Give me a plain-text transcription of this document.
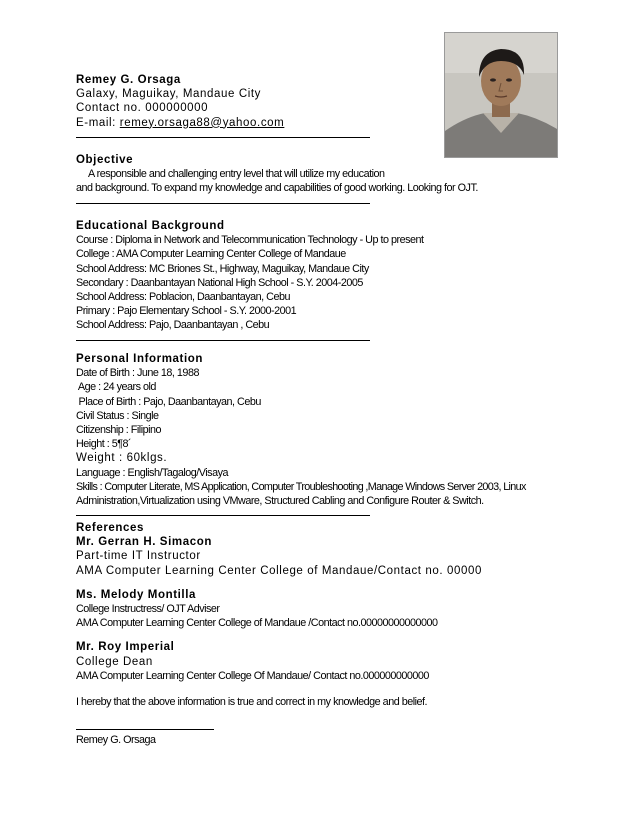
Remey G. Orsaga
Galaxy, Maguikay, Mandaue City
Contact no. 000000000
E-mail: remey.orsaga88@yahoo.com
Objective
A responsible and challenging entry level that will utilize my education
and background. To expand my knowledge and capabilities of good working. Looking for OJT.
Educational Background
Course : Diploma in Network and Telecommunication Technology - Up to present
College : AMA Computer Learning Center College of Mandaue
School Address: MC Briones St., Highway, Maguikay, Mandaue City
Secondary : Daanbantayan National High School - S.Y. 2004-2005
School Address: Poblacion, Daanbantayan, Cebu
Primary : Pajo Elementary School - S.Y. 2000-2001
School Address: Pajo, Daanbantayan , Cebu
Personal Information
Date of Birth : June 18, 1988
Age : 24 years old
Place of Birth : Pajo, Daanbantayan, Cebu
Civil Status : Single
Citizenship : Filipino
Height : 5¶8´
Weight : 60klgs.
Language : English/Tagalog/Visaya
Skills : Computer Literate, MS Application, Computer Troubleshooting ,Manage Windows Server 2003, Linux
Administration,Virtualization using VMware, Structured Cabling and Configure Router & Switch.
References
Mr. Gerran H. Simacon
Part-time IT Instructor
AMA Computer Learning Center College of Mandaue/Contact no. 00000
Ms. Melody Montilla
College Instructress/ OJT Adviser
AMA Computer Learning Center College of Mandaue /Contact no.00000000000000
Mr. Roy Imperial
College Dean
AMA Computer Learning Center College Of Mandaue/ Contact no.000000000000
I hereby that the above information is true and correct in my knowledge and belief.
Remey G. Orsaga
